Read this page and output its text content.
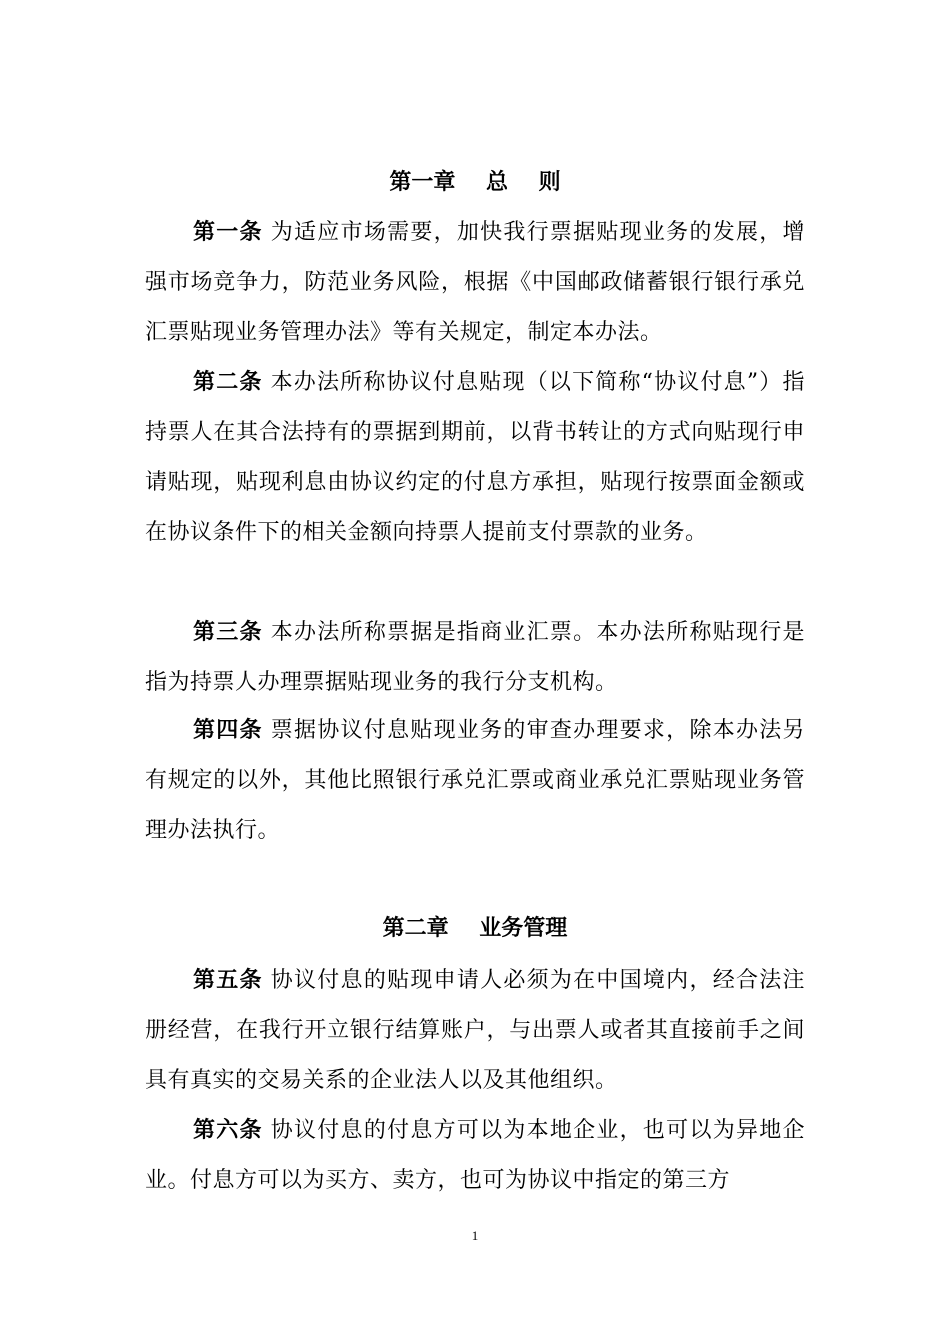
第一章    总    则

第一条 为适应市场需要，加快我行票据贴现业务的发展，增强市场竞争力，防范业务风险，根据《中国邮政储蓄银行银行承兑汇票贴现业务管理办法》等有关规定，制定本办法。

第二条 本办法所称协议付息贴现（以下简称“协议付息”）指持票人在其合法持有的票据到期前，以背书转让的方式向贴现行申请贴现，贴现利息由协议约定的付息方承担，贴现行按票面金额或在协议条件下的相关金额向持票人提前支付票款的业务。

第三条 本办法所称票据是指商业汇票。本办法所称贴现行是指为持票人办理票据贴现业务的我行分支机构。

第四条 票据协议付息贴现业务的审查办理要求，除本办法另有规定的以外，其他比照银行承兑汇票或商业承兑汇票贴现业务管理办法执行。

第二章    业务管理

第五条 协议付息的贴现申请人必须为在中国境内，经合法注册经营，在我行开立银行结算账户，与出票人或者其直接前手之间具有真实的交易关系的企业法人以及其他组织。

第六条 协议付息的付息方可以为本地企业，也可以为异地企业。付息方可以为买方、卖方，也可为协议中指定的第三方

1
